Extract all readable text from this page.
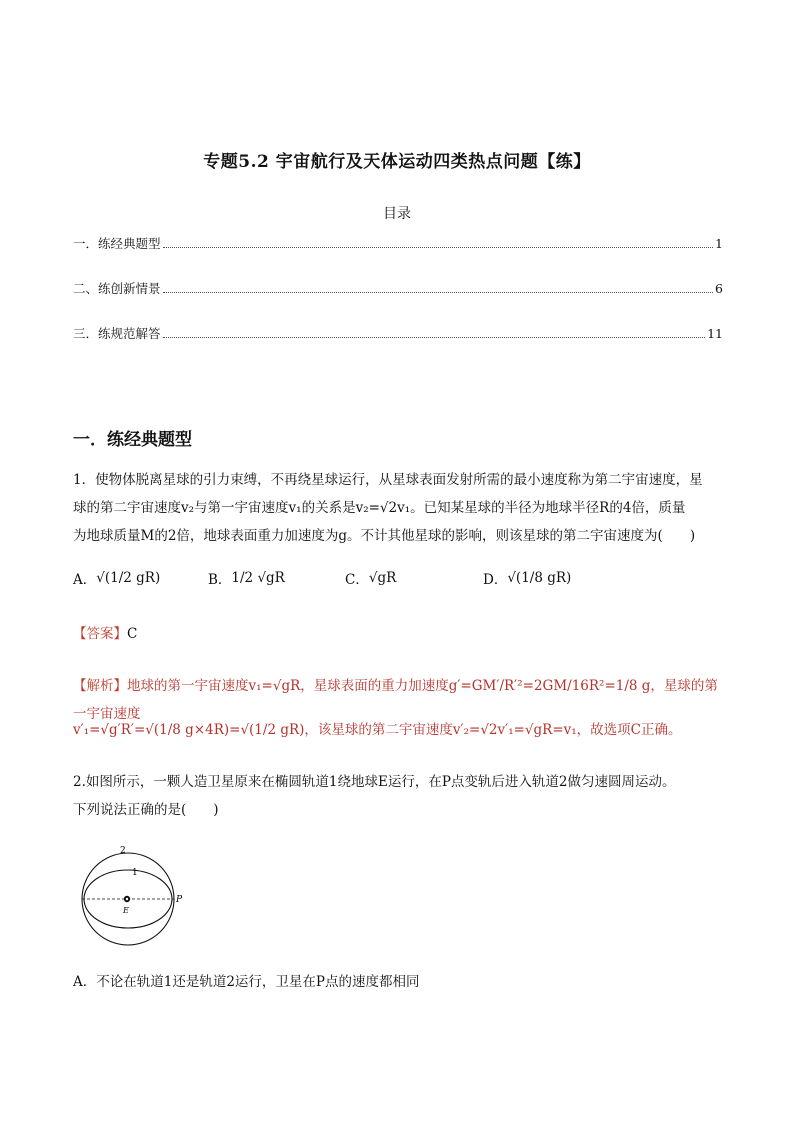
专题5.2 宇宙航行及天体运动四类热点问题【练】
目录
一．练经典题型	1
二、练创新情景	6
三．练规范解答	11
一．练经典题型
1．使物体脱离星球的引力束缚，不再绕星球运行，从星球表面发射所需的最小速度称为第二宇宙速度，星
球的第二宇宙速度v₂与第一宇宙速度v₁的关系是v₂=√2v₁。已知某星球的半径为地球半径R的4倍，质量
为地球质量M的2倍，地球表面重力加速度为g。不计其他星球的影响，则该星球的第二宇宙速度为(　　)
A． √(1/2 gR)	B． 1/2 √gR	C． √gR	D． √(1/8 gR)
【答案】C
【解析】地球的第一宇宙速度v₁=√gR，星球表面的重力加速度g′=GM′/R′²=2GM/16R²=1/8 g，星球的第一宇宙速度
v′₁=√g′R′=√(1/8 g×4R)=√(1/2 gR)，该星球的第二宇宙速度v′₂=√2v′₁=√gR=v₁，故选项C正确。
2.如图所示，一颗人造卫星原来在椭圆轨道1绕地球E运行，在P点变轨后进入轨道2做匀速圆周运动。
下列说法正确的是(　　)
2
1
E
P
A．不论在轨道1还是轨道2运行，卫星在P点的速度都相同
